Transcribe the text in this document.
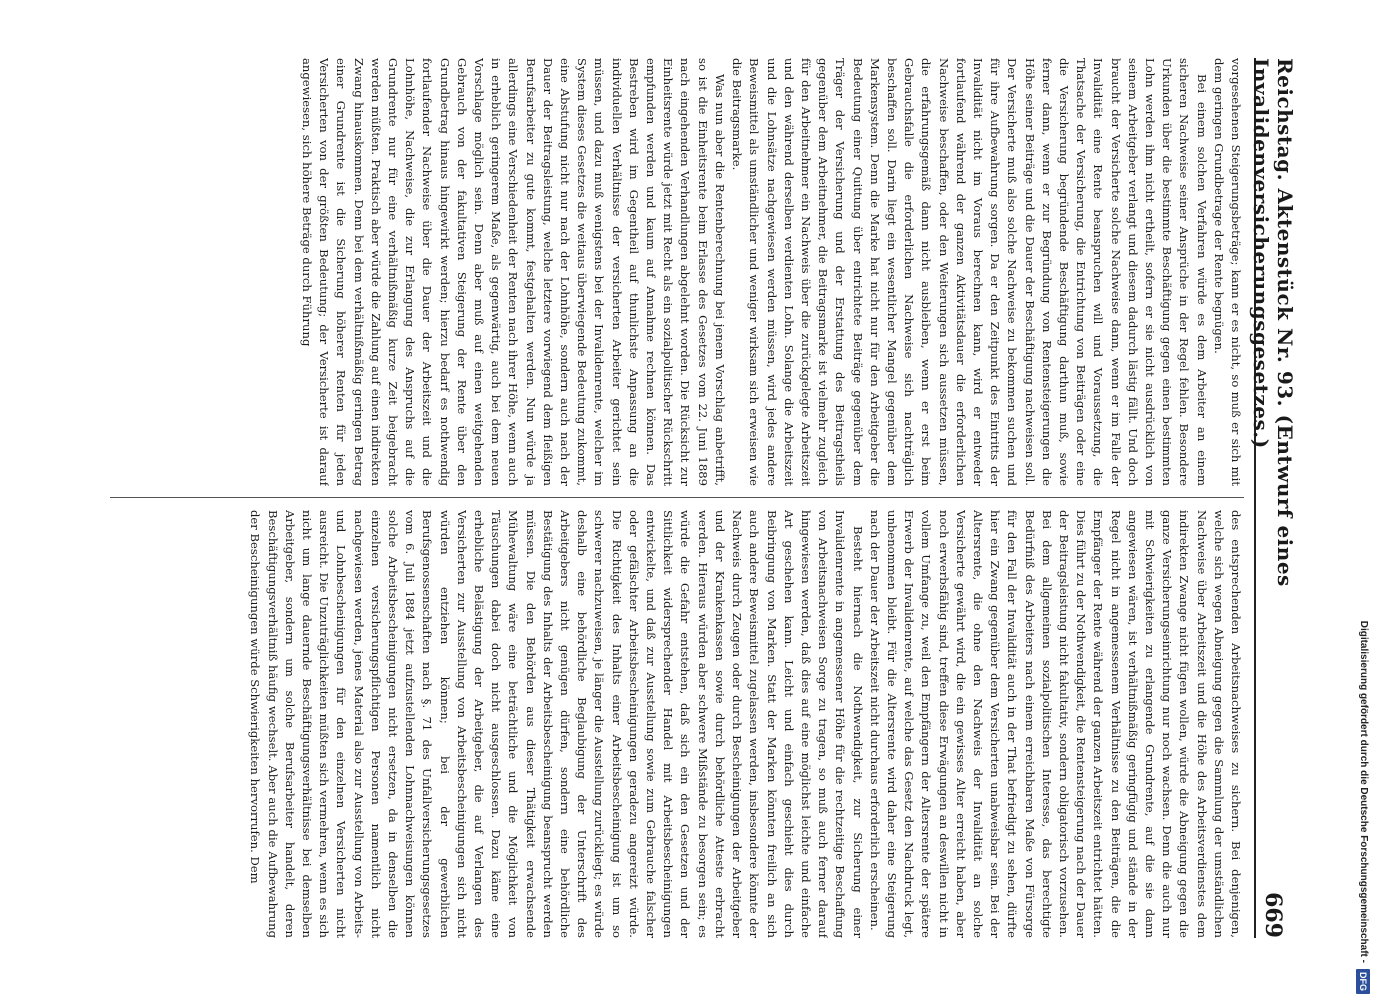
Reichstag. Aktenstück Nr. 93. (Entwurf eines Invalidenversicherungsgesetzes.)
669

vorgesehenen Steigerungsbeträge; kann er es nicht, so muß er sich mit dem geringen Grundbetrage der Rente begnügen.

Bei einem solchen Verfahren würde es dem Arbeiter an einem sicheren Nachweise seiner Ansprüche in der Regel fehlen. Besondere Urkunden über die bestimmte Beschäftigung gegen einen bestimmten Lohn werden ihm nicht ertheilt, sofern er sie nicht ausdrücklich von seinem Arbeitgeber verlangt und diesem dadurch lästig fällt. Und doch braucht der Versicherte solche Nachweise dann, wenn er im Falle der Invalidität eine Rente beanspruchen will und Voraussetzung, die Thatsache der Versicherung, die Entrichtung von Beiträgen oder eine die Versicherung begründende Beschäftigung darthun muß, sowie ferner dann, wenn er zur Begründung von Rentensteigerungen die Höhe seiner Beiträge und die Dauer der Beschäftigung nachweisen soll. Der Versicherte muß also solche Nachweise zu bekommen suchen und für ihre Aufbewahrung sorgen. Da er den Zeitpunkt des Eintritts der Invalidität nicht im Voraus berechnen kann, wird er entweder fortlaufend während der ganzen Aktivitätsdauer die erforderlichen Nachweise beschaffen, oder den Weiterungen sich aussetzen müssen, die erfahrungsgemäß dann nicht ausbleiben, wenn er erst beim Gebrauchsfalle die erforderlichen Nachweise sich nachträglich beschaffen soll. Darin liegt ein wesentlicher Mangel gegenüber dem Markensystem. Denn die Marke hat nicht nur für den Arbeitgeber die Bedeutung einer Quittung über entrichtete Beiträge gegenüber dem Träger der Versicherung und der Erstattung des Beitragstheils gegenüber dem Arbeitnehmer, die Beitragsmarke ist vielmehr zugleich für den Arbeitnehmer ein Nachweis über die zurückgelegte Arbeitszeit und den während derselben verdienten Lohn. Solange die Arbeitszeit und die Lohnsätze nachgewiesen werden müssen, wird jedes andere Beweismittel als umständlicher und weniger wirksam sich erweisen wie die Beitragsmarke.

Was nun aber die Rentenberechnung bei jenem Vorschlag anbetrifft, so ist die Einheitsrente beim Erlasse des Gesetzes vom 22. Juni 1889 nach eingehenden Verhandlungen abgelehnt worden. Die Rücksicht zur Einheitsrente würde jetzt mit Recht als ein sozialpolitischer Rückschritt empfunden werden und kaum auf Annahme rechnen können. Das Bestreben wird im Gegentheil auf thunlichste Anpassung an die individuellen Verhältnisse der versicherten Arbeiter gerichtet sein müssen, und dazu muß wenigstens bei der Invalidenrente, welcher im System dieses Gesetzes die weitaus überwiegende Bedeutung zukommt, eine Abstufung nicht nur nach der Lohnhöhe, sondern auch nach der Dauer der Beitragsleistung, welche letztere vorwiegend dem fleißigen Berufsarbeiter zu gute kommt, festgehalten werden. Nun würde ja allerdings eine Verschiedenheit der Renten nach ihrer Höhe, wenn auch in erheblich geringerem Maße, als gegenwärtig, auch bei dem neuen Vorschlage möglich sein. Denn aber muß auf einen weitgehenden Gebrauch von der fakultativen Steigerung der Rente über den Grundbetrag hinaus hingewirkt werden; hierzu bedarf es nothwendig fortlaufender Nachweise über die Dauer der Arbeitszeit und die Lohnhöhe, Nachweise, die zur Erlangung des Anspruchs auf die Grundrente nur für eine verhältnißmäßig kurze Zeit beigebracht werden müßten. Praktisch aber würde die Zahlung auf einen indirekten Zwang hinauskommen. Denn bei dem verhältnißmäßig geringen Betrag einer Grundrente ist die Sicherung höherer Renten für jeden Versicherten von der größten Bedeutung; der Versicherte ist darauf angewiesen, sich höhere Beträge durch Führung

des entsprechenden Arbeitsnachweises zu sichern. Bei denjenigen, welche sich wegen Abneigung gegen die Sammlung der umständlichen Nachweise über Arbeitszeit und die Höhe des Arbeitsverdienstes dem indirekten Zwange nicht fügen wollen, würde die Abneigung gegen die ganze Versicherungseinrichtung nur noch wachsen. Denn die auch nur mit Schwierigkeiten zu erlangende Grundrente, auf die sie dann angewiesen wären, ist verhältnißmäßig geringfügig und stände in der Regel nicht in angemessenem Verhältnisse zu den Beiträgen, die die Empfänger der Rente während der ganzen Arbeitszeit entrichtet hätten. Dies führt zu der Nothwendigkeit, die Rentensteigerung nach der Dauer der Beitragsleistung nicht fakultativ, sondern obligatorisch vorzusehen. Bei dem allgemeinen sozialpolitischen Interesse, das berechtigte Bedürfniß des Arbeiters nach einem erreichbaren Maße von Fürsorge für den Fall der Invalidität auch in der That befriedigt zu sehen, dürfte hier ein Zwang gegenüber dem Versicherten unabweisbar sein. Bei der Altersrente, die ohne den Nachweis der Invalidität an solche Versicherte gewährt wird, die ein gewisses Alter erreicht haben, aber noch erwerbsfähig sind, treffen diese Erwägungen an deswillen nicht in vollem Umfange zu, weil den Empfängern der Altersrente der spätere Erwerb der Invalidenrente, auf welche das Gesetz den Nachdruck legt, unbenommen bleibt. Für die Altersrente wird daher eine Steigerung nach der Dauer der Arbeitszeit nicht durchaus erforderlich erscheinen.

Besteht hiernach die Nothwendigkeit, zur Sicherung einer Invalidenrente in angemessener Höhe für die rechtzeitige Beschaffung von Arbeitsnachweisen Sorge zu tragen, so muß auch ferner darauf hingewiesen werden, daß dies auf eine möglichst leichte und einfache Art geschehen kann. Leicht und einfach geschieht dies durch Beibringung von Marken. Statt der Marken könnten freilich an sich auch andere Beweismittel zugelassen werden, insbesondere könnte der Nachweis durch Zeugen oder durch Bescheinigungen der Arbeitgeber und der Krankenkassen sowie durch behördliche Atteste erbracht werden. Hieraus würden aber schwere Mißstände zu besorgen sein; es würde die Gefahr entstehen, daß sich ein den Gesetzen und der Sittlichkeit widersprechender Handel mit Arbeitsbescheinigungen entwickelte, und daß zur Ausstellung sowie zum Gebrauche falscher oder gefälschter Arbeitsbescheinigungen geradezu angereizt würde. Die Richtigkeit des Inhalts einer Arbeitsbescheinigung ist um so schwerer nachzuweisen, je länger die Ausstellung zurückliegt; es würde deshalb eine behördliche Beglaubigung der Unterschrift des Arbeitgebers nicht genügen dürfen, sondern eine behördliche Bestätigung des Inhalts der Arbeitsbescheinigung beansprucht werden müssen. Die den Behörden aus dieser Thätigkeit erwachsende Mühewaltung wäre eine beträchtliche und die Möglichkeit von Täuschungen dabei doch nicht ausgeschlossen. Dazu käme eine erhebliche Belästigung der Arbeitgeber, die auf Verlangen des Versicherten zur Ausstellung von Arbeitsbescheinigungen sich nicht würden entziehen können; bei der gewerblichen Berufsgenossenschaften nach §. 71 des Unfallversicherungsgesetzes vom 6. Juli 1884 jetzt aufzustellenden Lohnnachweisungen können solche Arbeitsbescheinigungen nicht ersetzen, da in denselben die einzelnen versicherungspflichtigen Personen namentlich nicht nachgewiesen werden, jenes Material also zur Ausstellung von Arbeits- und Lohnbescheinigungen für den einzelnen Versicherten nicht ausreicht. Die Unzuträglichkeiten müßten sich vermehren, wenn es sich nicht um lange dauernde Beschäftigungsverhältnisse bei demselben Arbeitgeber, sondern um solche Berufsarbeiter handelt, deren Beschäftigungsverhältniß häufig wechselt. Aber auch die Aufbewahrung der Bescheinigungen würde Schwierigkeiten hervorrufen. Dem	Digitalisierung gefördert durch die Deutsche Forschungsgemeinschaft -
DFG
